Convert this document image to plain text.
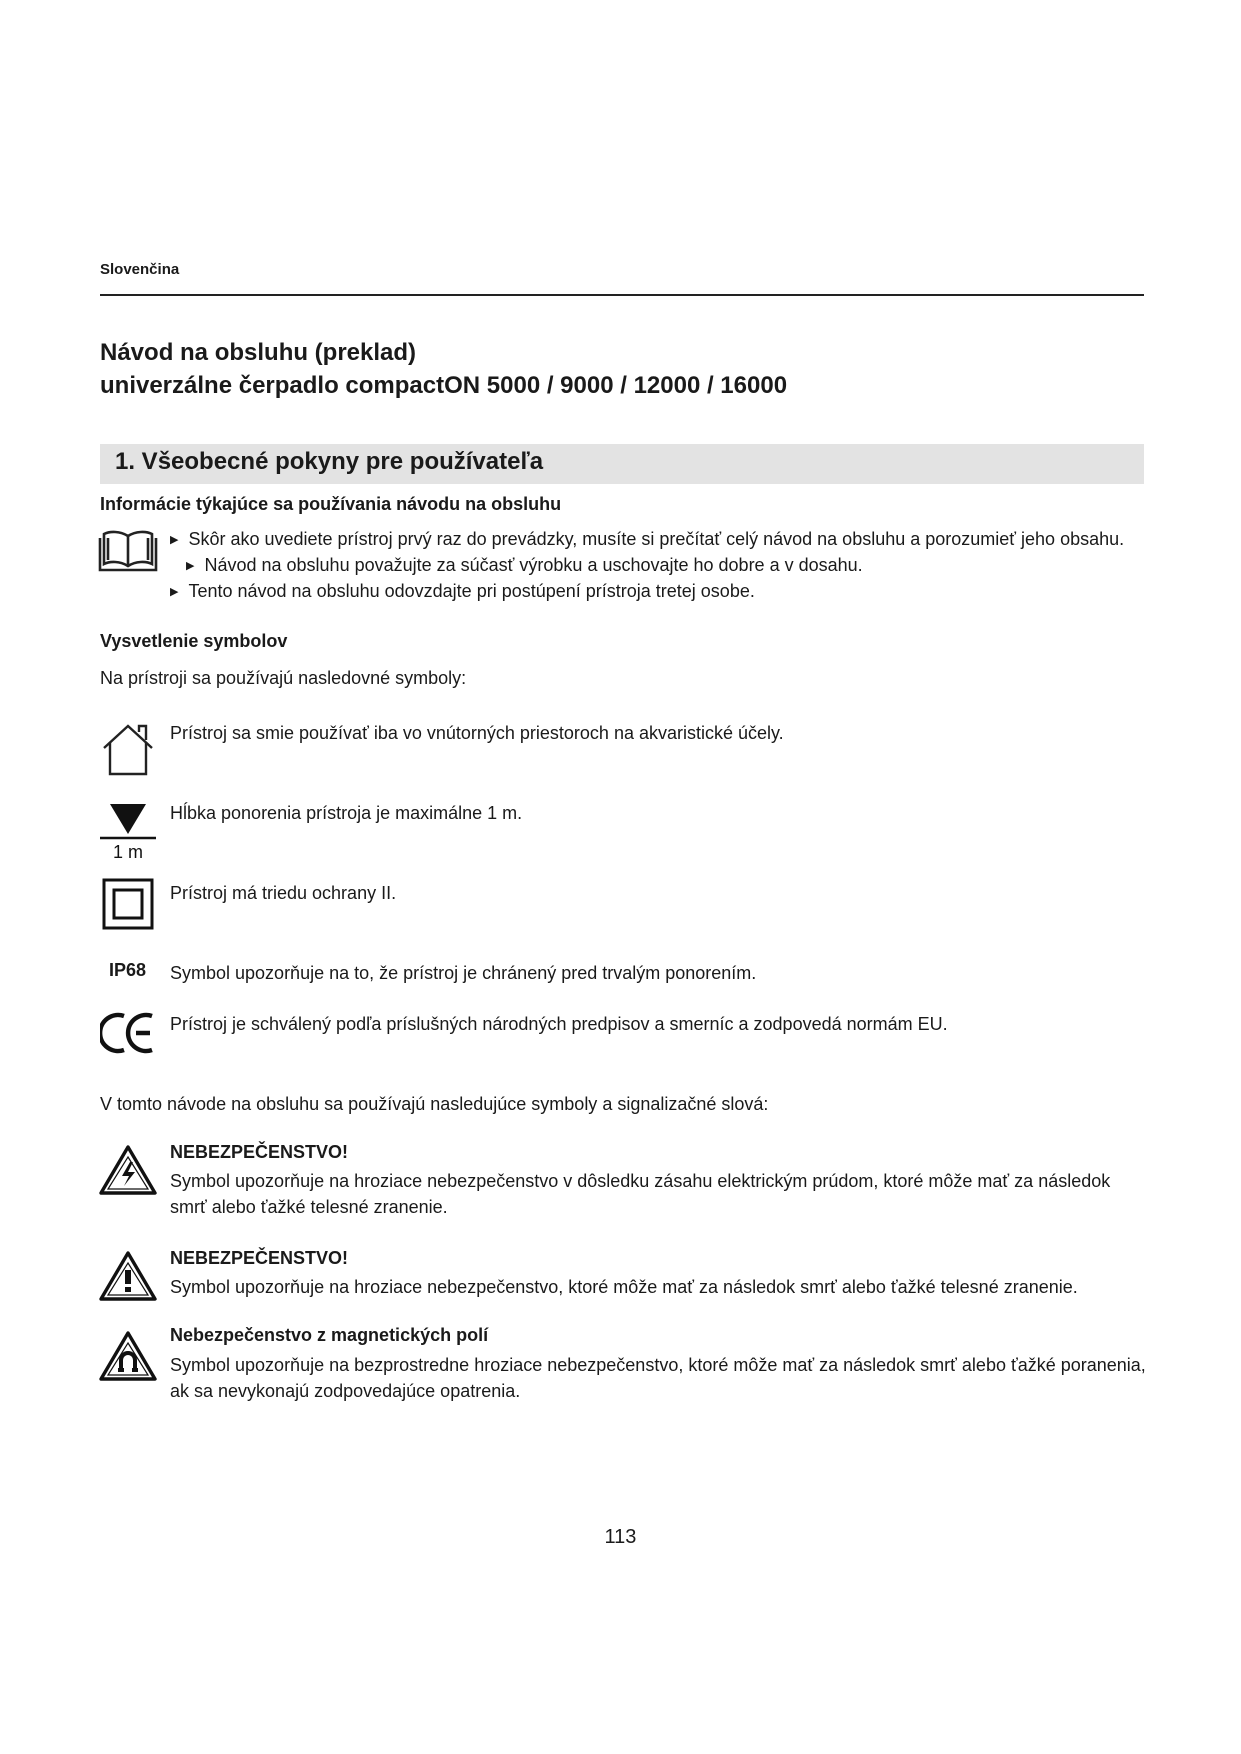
Slovenčina
Návod na obsluhu (preklad)
univerzálne čerpadlo compactON 5000 / 9000 / 12000 / 16000
1. Všeobecné pokyny pre používateľa
Informácie týkajúce sa používania návodu na obsluhu
▶ Skôr ako uvediete prístroj prvý raz do prevádzky, musíte si prečítať celý návod na obsluhu a porozumieť jeho obsahu.
▶ Návod na obsluhu považujte za súčasť výrobku a uschovajte ho dobre a v dosahu.
▶ Tento návod na obsluhu odovzdajte pri postúpení prístroja tretej osobe.
Vysvetlenie symbolov
Na prístroji sa používajú nasledovné symboly:
Prístroj sa smie používať iba vo vnútorných priestoroch na akvaristické účely.
1 m
Hĺbka ponorenia prístroja je maximálne 1 m.
Prístroj má triedu ochrany II.
IP68 Symbol upozorňuje na to, že prístroj je chránený pred trvalým ponorením.
Prístroj je schválený podľa príslušných národných predpisov a smerníc a zodpovedá normám EU.
V tomto návode na obsluhu sa používajú nasledujúce symboly a signalizačné slová:
NEBEZPEČENSTVO!
Symbol upozorňuje na hroziace nebezpečenstvo v dôsledku zásahu elektrickým prúdom, ktoré môže mať za následok
smrť alebo ťažké telesné zranenie.
NEBEZPEČENSTVO!
Symbol upozorňuje na hroziace nebezpečenstvo, ktoré môže mať za následok smrť alebo ťažké telesné zranenie.
Nebezpečenstvo z magnetických polí
Symbol upozorňuje na bezprostredne hroziace nebezpečenstvo, ktoré môže mať za následok smrť alebo ťažké poranenia,
ak sa nevykonajú zodpovedajúce opatrenia.
113
